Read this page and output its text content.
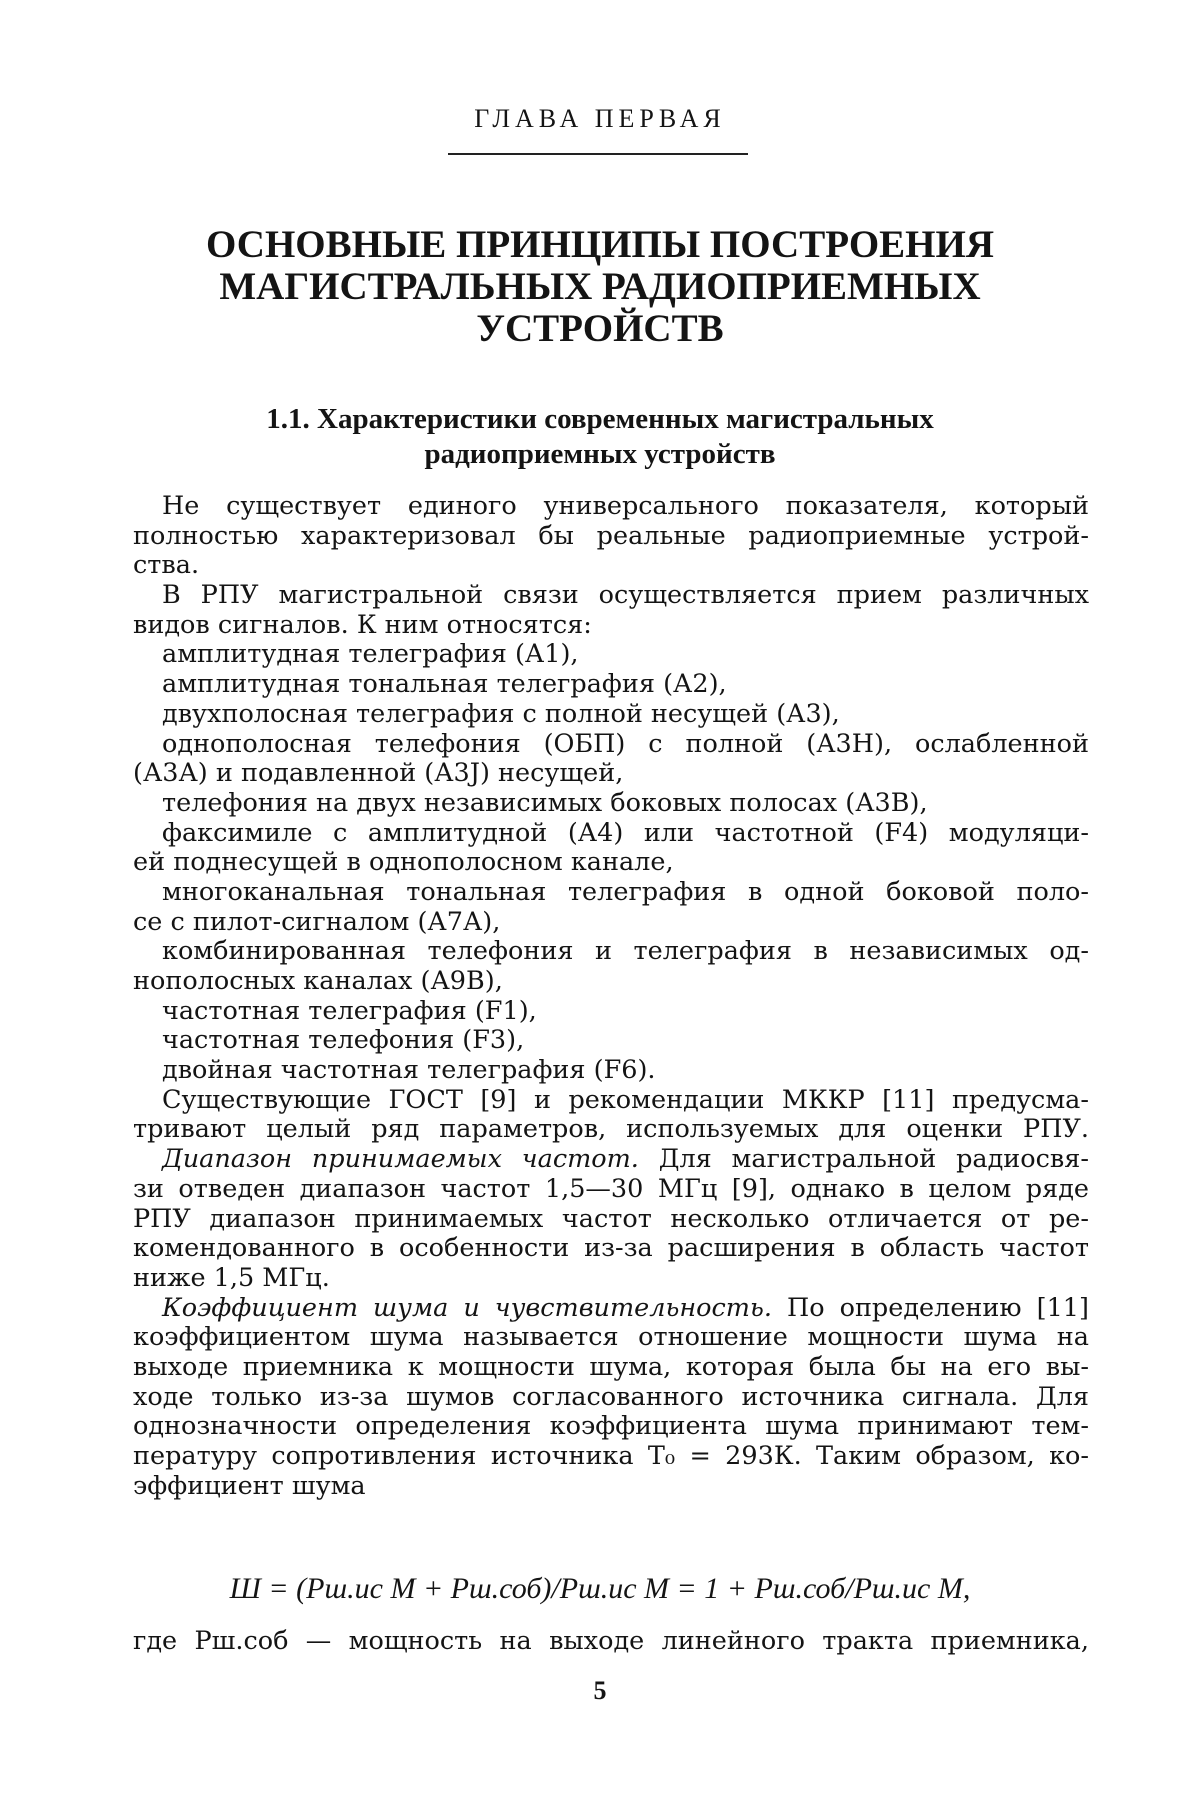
ГЛАВА ПЕРВАЯ
ОСНОВНЫЕ ПРИНЦИПЫ ПОСТРОЕНИЯ
МАГИСТРАЛЬНЫХ РАДИОПРИЕМНЫХ
УСТРОЙСТВ
1.1. Характеристики современных магистральных
радиоприемных устройств
Не существует единого универсального показателя, который
полностью характеризовал бы реальные радиоприемные устрой-
ства.
В РПУ магистральной связи осуществляется прием различных
видов сигналов. К ним относятся:
амплитудная телеграфия (А1),
амплитудная тональная телеграфия (А2),
двухполосная телеграфия с полной несущей (А3),
однополосная телефония (ОБП) с полной (А3Н), ослабленной
(А3А) и подавленной (А3J) несущей,
телефония на двух независимых боковых полосах (А3В),
факсимиле с амплитудной (А4) или частотной (F4) модуляци-
ей поднесущей в однополосном канале,
многоканальная тональная телеграфия в одной боковой поло-
се с пилот-сигналом (А7А),
комбинированная телефония и телеграфия в независимых од-
нополосных каналах (А9В),
частотная телеграфия (F1),
частотная телефония (F3),
двойная частотная телеграфия (F6).
Существующие ГОСТ [9] и рекомендации МККР [11] предусма-
тривают целый ряд параметров, используемых для оценки РПУ.
Диапазон принимаемых частот. Для магистральной радиосвя-
зи отведен диапазон частот 1,5—30 МГц [9], однако в целом ряде
РПУ диапазон принимаемых частот несколько отличается от ре-
комендованного в особенности из-за расширения в область частот
ниже 1,5 МГц.
Коэффициент шума и чувствительность. По определению [11]
коэффициентом шума называется отношение мощности шума на
выходе приемника к мощности шума, которая была бы на его вы-
ходе только из-за шумов согласованного источника сигнала. Для
однозначности определения коэффициента шума принимают тем-
пературу сопротивления источника T₀ = 293К. Таким образом, ко-
эффициент шума
Ш = (Pш.ис M + Pш.соб)/Pш.ис M = 1 + Pш.соб/Pш.ис M,
где Pш.соб — мощность на выходе линейного тракта приемника,
5
